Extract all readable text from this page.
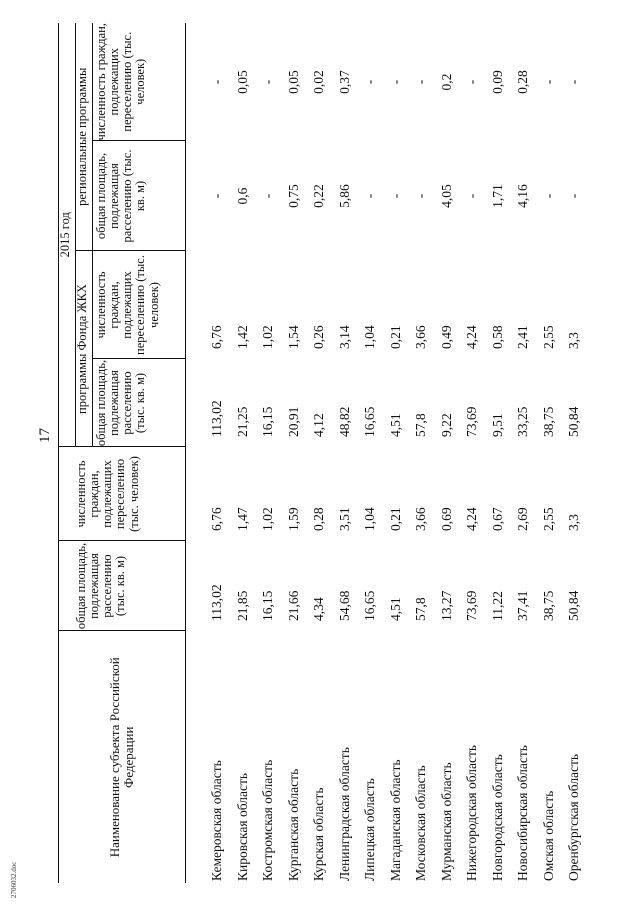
17
2706032.doc
Наименование субъекта Российской Федерации	общая площадь, подлежащая расселению (тыс. кв. м)	численность граждан, подлежащих переселению (тыс. человек)	2015 год			
			программы Фонда ЖКХ		региональные программы	
			общая площадь, подлежащая расселению (тыс. кв. м)	численность граждан, подлежащих переселению (тыс. человек)	общая площадь, подлежащая расселению (тыс. кв. м)	численность граждан, подлежащих переселению (тыс. человек)
Кемеровская область	113,02	6,76	113,02	6,76	-	-
Кировская область	21,85	1,47	21,25	1,42	0,6	0,05
Костромская область	16,15	1,02	16,15	1,02	-	-
Курганская область	21,66	1,59	20,91	1,54	0,75	0,05
Курская область	4,34	0,28	4,12	0,26	0,22	0,02
Ленинградская область	54,68	3,51	48,82	3,14	5,86	0,37
Липецкая область	16,65	1,04	16,65	1,04	-	-
Магаданская область	4,51	0,21	4,51	0,21	-	-
Московская область	57,8	3,66	57,8	3,66	-	-
Мурманская область	13,27	0,69	9,22	0,49	4,05	0,2
Нижегородская область	73,69	4,24	73,69	4,24	-	-
Новгородская область	11,22	0,67	9,51	0,58	1,71	0,09
Новосибирская область	37,41	2,69	33,25	2,41	4,16	0,28
Омская область	38,75	2,55	38,75	2,55	-	-
Оренбургская область	50,84	3,3	50,84	3,3	-	-
